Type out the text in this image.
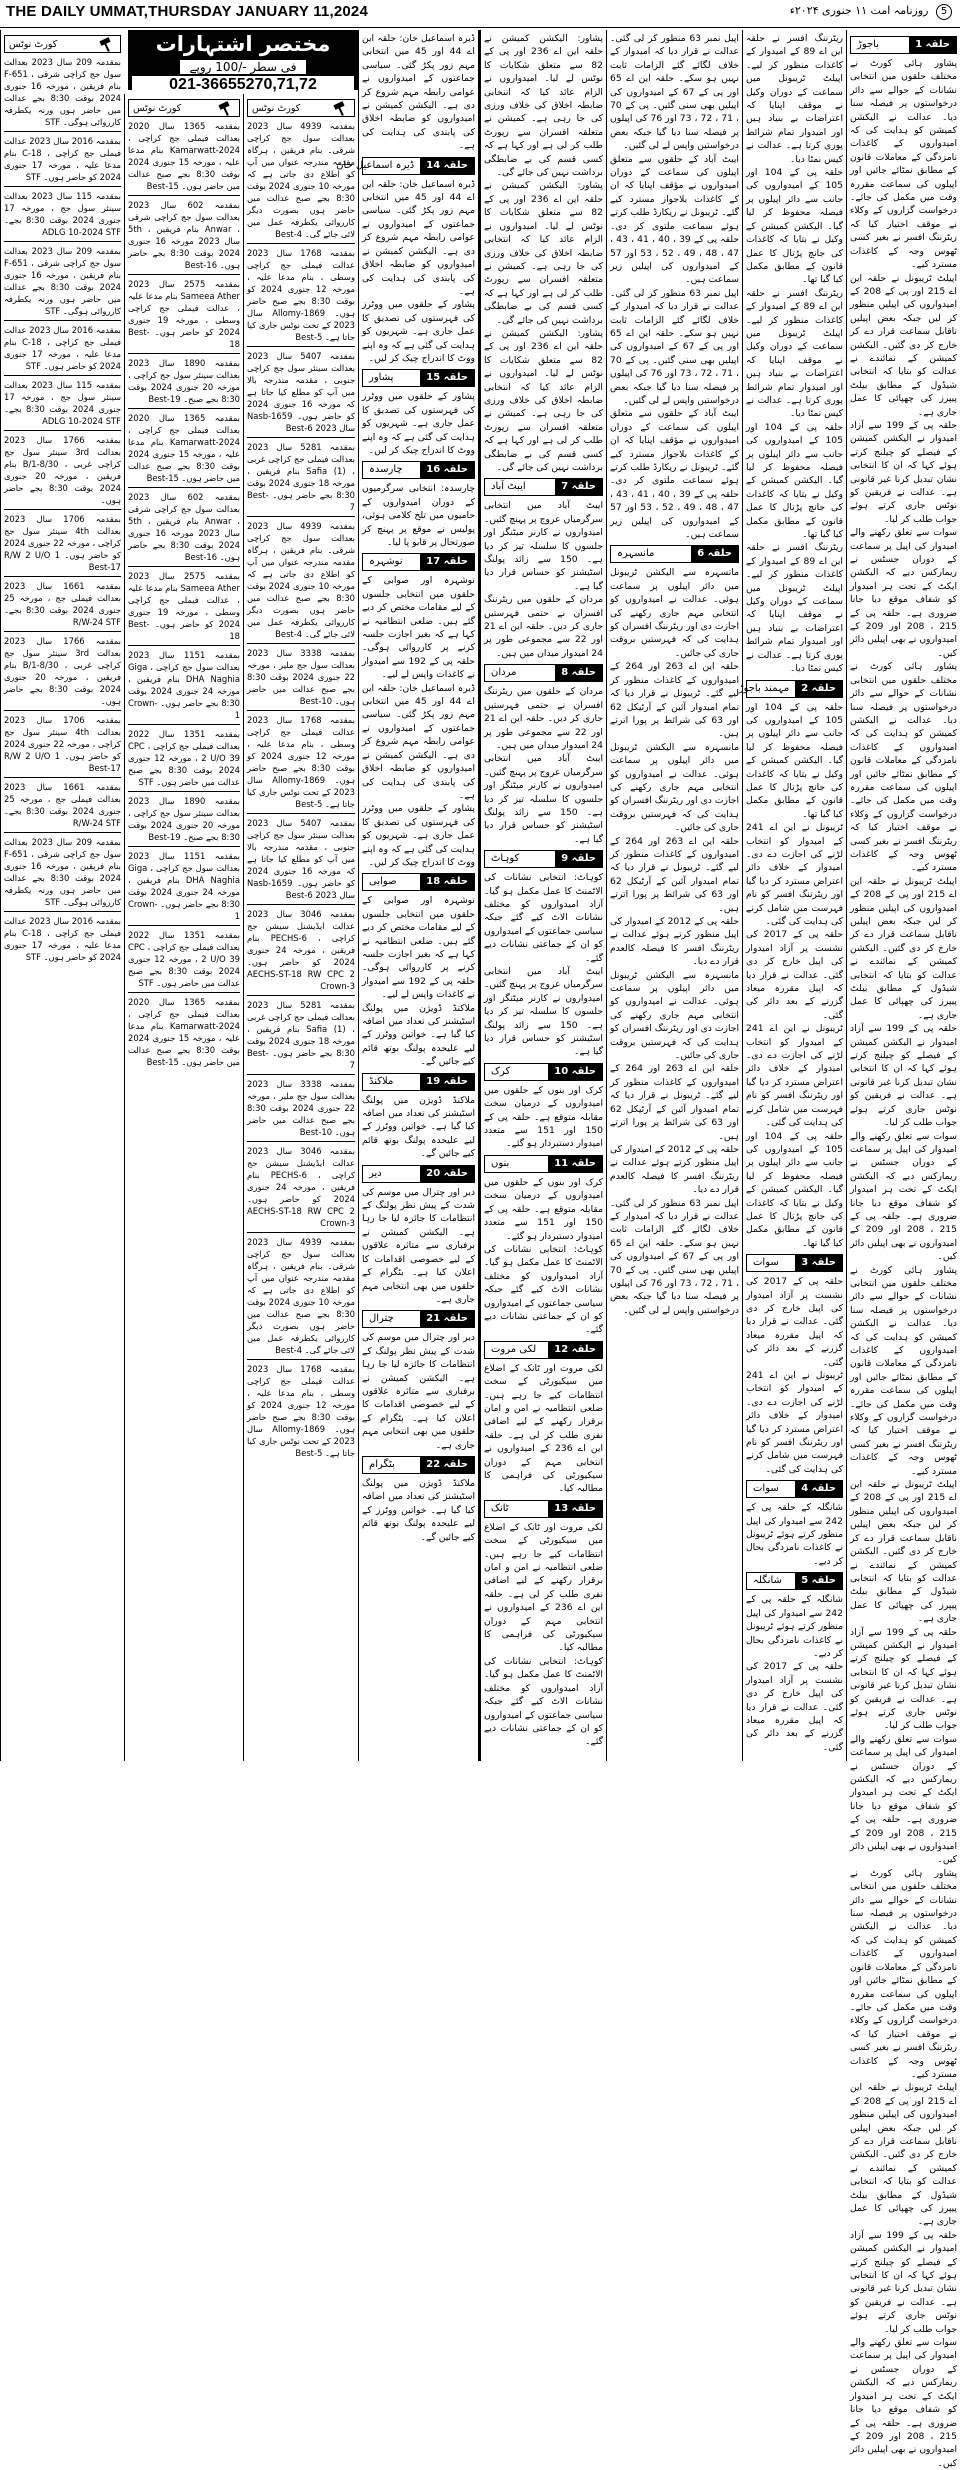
THE DAILY UMMAT,THURSDAY JANUARY 11,2024	5 روزنامہ امت ۱۱ جنوری ۲۰۲۴ء
حلقہ 1
باجوڑ
پشاور ہائی کورٹ نے مختلف حلقوں میں انتخابی نشانات کے حوالے سے دائر درخواستوں پر فیصلہ سنا دیا۔ عدالت نے الیکشن کمیشن کو ہدایت کی کہ امیدواروں کے کاغذات نامزدگی کے معاملات قانون کے مطابق نمٹائے جائیں اور اپیلوں کی سماعت مقررہ وقت میں مکمل کی جائے۔ درخواست گزاروں کے وکلاء نے موقف اختیار کیا کہ ریٹرننگ افسر نے بغیر کسی ٹھوس وجہ کے کاغذات مسترد کیے۔
اپیلٹ ٹریبونل نے حلقہ این اے 215 اور پی کے 208 کے امیدواروں کی اپیلیں منظور کر لیں جبکہ بعض اپیلیں ناقابل سماعت قرار دے کر خارج کر دی گئیں۔ الیکشن کمیشن کے نمائندے نے عدالت کو بتایا کہ انتخابی شیڈول کے مطابق بیلٹ پیپرز کی چھپائی کا عمل جاری ہے۔
حلقہ پی کے 199 سے آزاد امیدوار نے الیکشن کمیشن کے فیصلے کو چیلنج کرتے ہوئے کہا کہ ان کا انتخابی نشان تبدیل کرنا غیر قانونی ہے۔ عدالت نے فریقین کو نوٹس جاری کرتے ہوئے جواب طلب کر لیا۔
سوات سے تعلق رکھنے والے امیدوار کی اپیل پر سماعت کے دوران جسٹس نے ریمارکس دیے کہ الیکشن ایکٹ کے تحت ہر امیدوار کو شفاف موقع دیا جانا ضروری ہے۔ حلقہ پی کے 215 ، 208 اور 209 کے امیدواروں نے بھی اپیلیں دائر کیں۔
پشاور ہائی کورٹ نے مختلف حلقوں میں انتخابی نشانات کے حوالے سے دائر درخواستوں پر فیصلہ سنا دیا۔ عدالت نے الیکشن کمیشن کو ہدایت کی کہ امیدواروں کے کاغذات نامزدگی کے معاملات قانون کے مطابق نمٹائے جائیں اور اپیلوں کی سماعت مقررہ وقت میں مکمل کی جائے۔ درخواست گزاروں کے وکلاء نے موقف اختیار کیا کہ ریٹرننگ افسر نے بغیر کسی ٹھوس وجہ کے کاغذات مسترد کیے۔
اپیلٹ ٹریبونل نے حلقہ این اے 215 اور پی کے 208 کے امیدواروں کی اپیلیں منظور کر لیں جبکہ بعض اپیلیں ناقابل سماعت قرار دے کر خارج کر دی گئیں۔ الیکشن کمیشن کے نمائندے نے عدالت کو بتایا کہ انتخابی شیڈول کے مطابق بیلٹ پیپرز کی چھپائی کا عمل جاری ہے۔
حلقہ پی کے 199 سے آزاد امیدوار نے الیکشن کمیشن کے فیصلے کو چیلنج کرتے ہوئے کہا کہ ان کا انتخابی نشان تبدیل کرنا غیر قانونی ہے۔ عدالت نے فریقین کو نوٹس جاری کرتے ہوئے جواب طلب کر لیا۔
سوات سے تعلق رکھنے والے امیدوار کی اپیل پر سماعت کے دوران جسٹس نے ریمارکس دیے کہ الیکشن ایکٹ کے تحت ہر امیدوار کو شفاف موقع دیا جانا ضروری ہے۔ حلقہ پی کے 215 ، 208 اور 209 کے امیدواروں نے بھی اپیلیں دائر کیں۔
پشاور ہائی کورٹ نے مختلف حلقوں میں انتخابی نشانات کے حوالے سے دائر درخواستوں پر فیصلہ سنا دیا۔ عدالت نے الیکشن کمیشن کو ہدایت کی کہ امیدواروں کے کاغذات نامزدگی کے معاملات قانون کے مطابق نمٹائے جائیں اور اپیلوں کی سماعت مقررہ وقت میں مکمل کی جائے۔ درخواست گزاروں کے وکلاء نے موقف اختیار کیا کہ ریٹرننگ افسر نے بغیر کسی ٹھوس وجہ کے کاغذات مسترد کیے۔
اپیلٹ ٹریبونل نے حلقہ این اے 215 اور پی کے 208 کے امیدواروں کی اپیلیں منظور کر لیں جبکہ بعض اپیلیں ناقابل سماعت قرار دے کر خارج کر دی گئیں۔ الیکشن کمیشن کے نمائندے نے عدالت کو بتایا کہ انتخابی شیڈول کے مطابق بیلٹ پیپرز کی چھپائی کا عمل جاری ہے۔
حلقہ پی کے 199 سے آزاد امیدوار نے الیکشن کمیشن کے فیصلے کو چیلنج کرتے ہوئے کہا کہ ان کا انتخابی نشان تبدیل کرنا غیر قانونی ہے۔ عدالت نے فریقین کو نوٹس جاری کرتے ہوئے جواب طلب کر لیا۔
سوات سے تعلق رکھنے والے امیدوار کی اپیل پر سماعت کے دوران جسٹس نے ریمارکس دیے کہ الیکشن ایکٹ کے تحت ہر امیدوار کو شفاف موقع دیا جانا ضروری ہے۔ حلقہ پی کے 215 ، 208 اور 209 کے امیدواروں نے بھی اپیلیں دائر کیں۔
پشاور ہائی کورٹ نے مختلف حلقوں میں انتخابی نشانات کے حوالے سے دائر درخواستوں پر فیصلہ سنا دیا۔ عدالت نے الیکشن کمیشن کو ہدایت کی کہ امیدواروں کے کاغذات نامزدگی کے معاملات قانون کے مطابق نمٹائے جائیں اور اپیلوں کی سماعت مقررہ وقت میں مکمل کی جائے۔ درخواست گزاروں کے وکلاء نے موقف اختیار کیا کہ ریٹرننگ افسر نے بغیر کسی ٹھوس وجہ کے کاغذات مسترد کیے۔
اپیلٹ ٹریبونل نے حلقہ این اے 215 اور پی کے 208 کے امیدواروں کی اپیلیں منظور کر لیں جبکہ بعض اپیلیں ناقابل سماعت قرار دے کر خارج کر دی گئیں۔ الیکشن کمیشن کے نمائندے نے عدالت کو بتایا کہ انتخابی شیڈول کے مطابق بیلٹ پیپرز کی چھپائی کا عمل جاری ہے۔
حلقہ پی کے 199 سے آزاد امیدوار نے الیکشن کمیشن کے فیصلے کو چیلنج کرتے ہوئے کہا کہ ان کا انتخابی نشان تبدیل کرنا غیر قانونی ہے۔ عدالت نے فریقین کو نوٹس جاری کرتے ہوئے جواب طلب کر لیا۔
سوات سے تعلق رکھنے والے امیدوار کی اپیل پر سماعت کے دوران جسٹس نے ریمارکس دیے کہ الیکشن ایکٹ کے تحت ہر امیدوار کو شفاف موقع دیا جانا ضروری ہے۔ حلقہ پی کے 215 ، 208 اور 209 کے امیدواروں نے بھی اپیلیں دائر کیں۔
ریٹرننگ افسر نے حلقہ این اے 89 کے امیدوار کے کاغذات منظور کر لیے۔ اپیلٹ ٹریبونل میں سماعت کے دوران وکیل نے موقف اپنایا کہ اعتراضات بے بنیاد ہیں اور امیدوار تمام شرائط پوری کرتا ہے۔ عدالت نے کیس نمٹا دیا۔
حلقہ پی کے 104 اور 105 کے امیدواروں کی جانب سے دائر اپیلوں پر فیصلہ محفوظ کر لیا گیا۔ الیکشن کمیشن کے وکیل نے بتایا کہ کاغذات کی جانچ پڑتال کا عمل قانون کے مطابق مکمل کیا گیا تھا۔
ریٹرننگ افسر نے حلقہ این اے 89 کے امیدوار کے کاغذات منظور کر لیے۔ اپیلٹ ٹریبونل میں سماعت کے دوران وکیل نے موقف اپنایا کہ اعتراضات بے بنیاد ہیں اور امیدوار تمام شرائط پوری کرتا ہے۔ عدالت نے کیس نمٹا دیا۔
حلقہ پی کے 104 اور 105 کے امیدواروں کی جانب سے دائر اپیلوں پر فیصلہ محفوظ کر لیا گیا۔ الیکشن کمیشن کے وکیل نے بتایا کہ کاغذات کی جانچ پڑتال کا عمل قانون کے مطابق مکمل کیا گیا تھا۔
ریٹرننگ افسر نے حلقہ این اے 89 کے امیدوار کے کاغذات منظور کر لیے۔ اپیلٹ ٹریبونل میں سماعت کے دوران وکیل نے موقف اپنایا کہ اعتراضات بے بنیاد ہیں اور امیدوار تمام شرائط پوری کرتا ہے۔ عدالت نے کیس نمٹا دیا۔
حلقہ 2
مہمند باجوڑ
حلقہ پی کے 104 اور 105 کے امیدواروں کی جانب سے دائر اپیلوں پر فیصلہ محفوظ کر لیا گیا۔ الیکشن کمیشن کے وکیل نے بتایا کہ کاغذات کی جانچ پڑتال کا عمل قانون کے مطابق مکمل کیا گیا تھا۔
ٹریبونل نے این اے 241 کے امیدوار کو انتخاب لڑنے کی اجازت دے دی۔ امیدوار کے خلاف دائر اعتراض مسترد کر دیا گیا اور ریٹرننگ افسر کو نام فہرست میں شامل کرنے کی ہدایت کی گئی۔
حلقہ پی کے 2017 کی نشست پر آزاد امیدوار کی اپیل خارج کر دی گئی۔ عدالت نے قرار دیا کہ اپیل مقررہ میعاد گزرنے کے بعد دائر کی گئی۔
ٹریبونل نے این اے 241 کے امیدوار کو انتخاب لڑنے کی اجازت دے دی۔ امیدوار کے خلاف دائر اعتراض مسترد کر دیا گیا اور ریٹرننگ افسر کو نام فہرست میں شامل کرنے کی ہدایت کی گئی۔
حلقہ پی کے 104 اور 105 کے امیدواروں کی جانب سے دائر اپیلوں پر فیصلہ محفوظ کر لیا گیا۔ الیکشن کمیشن کے وکیل نے بتایا کہ کاغذات کی جانچ پڑتال کا عمل قانون کے مطابق مکمل کیا گیا تھا۔
حلقہ 3
سوات
حلقہ پی کے 2017 کی نشست پر آزاد امیدوار کی اپیل خارج کر دی گئی۔ عدالت نے قرار دیا کہ اپیل مقررہ میعاد گزرنے کے بعد دائر کی گئی۔
ٹریبونل نے این اے 241 کے امیدوار کو انتخاب لڑنے کی اجازت دے دی۔ امیدوار کے خلاف دائر اعتراض مسترد کر دیا گیا اور ریٹرننگ افسر کو نام فہرست میں شامل کرنے کی ہدایت کی گئی۔
حلقہ 4
سوات
شانگلہ کے حلقہ پی کے 242 سے امیدوار کی اپیل منظور کرتے ہوئے ٹریبونل نے کاغذات نامزدگی بحال کر دیے۔
حلقہ 5
شانگلہ
شانگلہ کے حلقہ پی کے 242 سے امیدوار کی اپیل منظور کرتے ہوئے ٹریبونل نے کاغذات نامزدگی بحال کر دیے۔
حلقہ پی کے 2017 کی نشست پر آزاد امیدوار کی اپیل خارج کر دی گئی۔ عدالت نے قرار دیا کہ اپیل مقررہ میعاد گزرنے کے بعد دائر کی گئی۔
اپیل نمبر 63 منظور کر لی گئی۔ عدالت نے قرار دیا کہ امیدوار کے خلاف لگائے گئے الزامات ثابت نہیں ہو سکے۔ حلقہ این اے 65 اور پی کے 67 کے امیدواروں کی اپیلیں بھی سنی گئیں۔ پی کے 70 ، 71 ، 72 ، 73 اور 76 کی اپیلوں پر فیصلہ سنا دیا گیا جبکہ بعض درخواستیں واپس لے لی گئیں۔
ایبٹ آباد کے حلقوں سے متعلق اپیلوں کی سماعت کے دوران امیدواروں نے مؤقف اپنایا کہ ان کے کاغذات بلاجواز مسترد کیے گئے۔ ٹریبونل نے ریکارڈ طلب کرتے ہوئے سماعت ملتوی کر دی۔ حلقہ پی کے 39 ، 40 ، 41 ، 43 ، 47 ، 48 ، 49 ، 52 ، 53 اور 57 کے امیدواروں کی اپیلیں زیر سماعت ہیں۔
اپیل نمبر 63 منظور کر لی گئی۔ عدالت نے قرار دیا کہ امیدوار کے خلاف لگائے گئے الزامات ثابت نہیں ہو سکے۔ حلقہ این اے 65 اور پی کے 67 کے امیدواروں کی اپیلیں بھی سنی گئیں۔ پی کے 70 ، 71 ، 72 ، 73 اور 76 کی اپیلوں پر فیصلہ سنا دیا گیا جبکہ بعض درخواستیں واپس لے لی گئیں۔
ایبٹ آباد کے حلقوں سے متعلق اپیلوں کی سماعت کے دوران امیدواروں نے مؤقف اپنایا کہ ان کے کاغذات بلاجواز مسترد کیے گئے۔ ٹریبونل نے ریکارڈ طلب کرتے ہوئے سماعت ملتوی کر دی۔ حلقہ پی کے 39 ، 40 ، 41 ، 43 ، 47 ، 48 ، 49 ، 52 ، 53 اور 57 کے امیدواروں کی اپیلیں زیر سماعت ہیں۔
حلقہ 6
مانسہرہ
مانسہرہ سے الیکشن ٹریبونل میں دائر اپیلوں پر سماعت ہوئی۔ عدالت نے امیدواروں کو انتخابی مہم جاری رکھنے کی اجازت دی اور ریٹرننگ افسران کو ہدایت کی کہ فہرستیں بروقت جاری کی جائیں۔
حلقہ این اے 263 اور 264 کے امیدواروں کے کاغذات منظور کر لیے گئے۔ ٹریبونل نے قرار دیا کہ تمام امیدوار آئین کے آرٹیکل 62 اور 63 کی شرائط پر پورا اترتے ہیں۔
مانسہرہ سے الیکشن ٹریبونل میں دائر اپیلوں پر سماعت ہوئی۔ عدالت نے امیدواروں کو انتخابی مہم جاری رکھنے کی اجازت دی اور ریٹرننگ افسران کو ہدایت کی کہ فہرستیں بروقت جاری کی جائیں۔
حلقہ این اے 263 اور 264 کے امیدواروں کے کاغذات منظور کر لیے گئے۔ ٹریبونل نے قرار دیا کہ تمام امیدوار آئین کے آرٹیکل 62 اور 63 کی شرائط پر پورا اترتے ہیں۔
حلقہ پی کے 2012 کے امیدوار کی اپیل منظور کرتے ہوئے عدالت نے ریٹرننگ افسر کا فیصلہ کالعدم قرار دے دیا۔
مانسہرہ سے الیکشن ٹریبونل میں دائر اپیلوں پر سماعت ہوئی۔ عدالت نے امیدواروں کو انتخابی مہم جاری رکھنے کی اجازت دی اور ریٹرننگ افسران کو ہدایت کی کہ فہرستیں بروقت جاری کی جائیں۔
حلقہ این اے 263 اور 264 کے امیدواروں کے کاغذات منظور کر لیے گئے۔ ٹریبونل نے قرار دیا کہ تمام امیدوار آئین کے آرٹیکل 62 اور 63 کی شرائط پر پورا اترتے ہیں۔
حلقہ پی کے 2012 کے امیدوار کی اپیل منظور کرتے ہوئے عدالت نے ریٹرننگ افسر کا فیصلہ کالعدم قرار دے دیا۔
اپیل نمبر 63 منظور کر لی گئی۔ عدالت نے قرار دیا کہ امیدوار کے خلاف لگائے گئے الزامات ثابت نہیں ہو سکے۔ حلقہ این اے 65 اور پی کے 67 کے امیدواروں کی اپیلیں بھی سنی گئیں۔ پی کے 70 ، 71 ، 72 ، 73 اور 76 کی اپیلوں پر فیصلہ سنا دیا گیا جبکہ بعض درخواستیں واپس لے لی گئیں۔
پشاور: الیکشن کمیشن نے حلقہ این اے 236 اور پی کے 82 سے متعلق شکایات کا نوٹس لے لیا۔ امیدواروں نے الزام عائد کیا کہ انتخابی ضابطہ اخلاق کی خلاف ورزی کی جا رہی ہے۔ کمیشن نے متعلقہ افسران سے رپورٹ طلب کر لی ہے اور کہا ہے کہ کسی قسم کی بے ضابطگی برداشت نہیں کی جائے گی۔
پشاور: الیکشن کمیشن نے حلقہ این اے 236 اور پی کے 82 سے متعلق شکایات کا نوٹس لے لیا۔ امیدواروں نے الزام عائد کیا کہ انتخابی ضابطہ اخلاق کی خلاف ورزی کی جا رہی ہے۔ کمیشن نے متعلقہ افسران سے رپورٹ طلب کر لی ہے اور کہا ہے کہ کسی قسم کی بے ضابطگی برداشت نہیں کی جائے گی۔
پشاور: الیکشن کمیشن نے حلقہ این اے 236 اور پی کے 82 سے متعلق شکایات کا نوٹس لے لیا۔ امیدواروں نے الزام عائد کیا کہ انتخابی ضابطہ اخلاق کی خلاف ورزی کی جا رہی ہے۔ کمیشن نے متعلقہ افسران سے رپورٹ طلب کر لی ہے اور کہا ہے کہ کسی قسم کی بے ضابطگی برداشت نہیں کی جائے گی۔
حلقہ 7
ایبٹ آباد
ایبٹ آباد میں انتخابی سرگرمیاں عروج پر پہنچ گئیں۔ امیدواروں نے کارنر میٹنگز اور جلسوں کا سلسلہ تیز کر دیا ہے۔ 150 سے زائد پولنگ اسٹیشنز کو حساس قرار دیا گیا ہے۔
مردان کے حلقوں میں ریٹرننگ افسران نے حتمی فہرستیں جاری کر دیں۔ حلقہ این اے 21 اور 22 سے مجموعی طور پر 24 امیدوار میدان میں ہیں۔
حلقہ 8
مردان
مردان کے حلقوں میں ریٹرننگ افسران نے حتمی فہرستیں جاری کر دیں۔ حلقہ این اے 21 اور 22 سے مجموعی طور پر 24 امیدوار میدان میں ہیں۔
ایبٹ آباد میں انتخابی سرگرمیاں عروج پر پہنچ گئیں۔ امیدواروں نے کارنر میٹنگز اور جلسوں کا سلسلہ تیز کر دیا ہے۔ 150 سے زائد پولنگ اسٹیشنز کو حساس قرار دیا گیا ہے۔
حلقہ 9
کوہاٹ
کوہاٹ: انتخابی نشانات کی الاٹمنٹ کا عمل مکمل ہو گیا۔ آزاد امیدواروں کو مختلف نشانات الاٹ کیے گئے جبکہ سیاسی جماعتوں کے امیدواروں کو ان کے جماعتی نشانات دیے گئے۔
ایبٹ آباد میں انتخابی سرگرمیاں عروج پر پہنچ گئیں۔ امیدواروں نے کارنر میٹنگز اور جلسوں کا سلسلہ تیز کر دیا ہے۔ 150 سے زائد پولنگ اسٹیشنز کو حساس قرار دیا گیا ہے۔
حلقہ 10
کرک
کرک اور بنوں کے حلقوں میں امیدواروں کے درمیان سخت مقابلہ متوقع ہے۔ حلقہ پی کے 150 اور 151 سے متعدد امیدوار دستبردار ہو گئے۔
حلقہ 11
بنوں
کرک اور بنوں کے حلقوں میں امیدواروں کے درمیان سخت مقابلہ متوقع ہے۔ حلقہ پی کے 150 اور 151 سے متعدد امیدوار دستبردار ہو گئے۔
کوہاٹ: انتخابی نشانات کی الاٹمنٹ کا عمل مکمل ہو گیا۔ آزاد امیدواروں کو مختلف نشانات الاٹ کیے گئے جبکہ سیاسی جماعتوں کے امیدواروں کو ان کے جماعتی نشانات دیے گئے۔
حلقہ 12
لکی مروت
لکی مروت اور ٹانک کے اضلاع میں سیکیورٹی کے سخت انتظامات کیے جا رہے ہیں۔ ضلعی انتظامیہ نے امن و امان برقرار رکھنے کے لیے اضافی نفری طلب کر لی ہے۔ حلقہ این اے 236 کے امیدواروں نے انتخابی مہم کے دوران سیکیورٹی کی فراہمی کا مطالبہ کیا۔
حلقہ 13
ٹانک
لکی مروت اور ٹانک کے اضلاع میں سیکیورٹی کے سخت انتظامات کیے جا رہے ہیں۔ ضلعی انتظامیہ نے امن و امان برقرار رکھنے کے لیے اضافی نفری طلب کر لی ہے۔ حلقہ این اے 236 کے امیدواروں نے انتخابی مہم کے دوران سیکیورٹی کی فراہمی کا مطالبہ کیا۔
کوہاٹ: انتخابی نشانات کی الاٹمنٹ کا عمل مکمل ہو گیا۔ آزاد امیدواروں کو مختلف نشانات الاٹ کیے گئے جبکہ سیاسی جماعتوں کے امیدواروں کو ان کے جماعتی نشانات دیے گئے۔
ڈیرہ اسماعیل خان: حلقہ این اے 44 اور 45 میں انتخابی مہم زور پکڑ گئی۔ سیاسی جماعتوں کے امیدواروں نے عوامی رابطہ مہم شروع کر دی ہے۔ الیکشن کمیشن نے امیدواروں کو ضابطہ اخلاق کی پابندی کی ہدایت کی ہے۔
حلقہ 14
ڈیرہ اسماعیل خان
ڈیرہ اسماعیل خان: حلقہ این اے 44 اور 45 میں انتخابی مہم زور پکڑ گئی۔ سیاسی جماعتوں کے امیدواروں نے عوامی رابطہ مہم شروع کر دی ہے۔ الیکشن کمیشن نے امیدواروں کو ضابطہ اخلاق کی پابندی کی ہدایت کی ہے۔
پشاور کے حلقوں میں ووٹرز کی فہرستوں کی تصدیق کا عمل جاری ہے۔ شہریوں کو ہدایت کی گئی ہے کہ وہ اپنے ووٹ کا اندراج چیک کر لیں۔
حلقہ 15
پشاور
پشاور کے حلقوں میں ووٹرز کی فہرستوں کی تصدیق کا عمل جاری ہے۔ شہریوں کو ہدایت کی گئی ہے کہ وہ اپنے ووٹ کا اندراج چیک کر لیں۔
حلقہ 16
چارسدہ
چارسدہ: انتخابی سرگرمیوں کے دوران امیدواروں کے حامیوں میں تلخ کلامی ہوئی، پولیس نے موقع پر پہنچ کر صورتحال پر قابو پا لیا۔
حلقہ 17
نوشہرہ
نوشہرہ اور صوابی کے حلقوں میں انتخابی جلسوں کے لیے مقامات مختص کر دیے گئے ہیں۔ ضلعی انتظامیہ نے کہا ہے کہ بغیر اجازت جلسہ کرنے پر کارروائی ہوگی۔ حلقہ پی کے 192 سے امیدوار نے کاغذات واپس لے لیے۔
ڈیرہ اسماعیل خان: حلقہ این اے 44 اور 45 میں انتخابی مہم زور پکڑ گئی۔ سیاسی جماعتوں کے امیدواروں نے عوامی رابطہ مہم شروع کر دی ہے۔ الیکشن کمیشن نے امیدواروں کو ضابطہ اخلاق کی پابندی کی ہدایت کی ہے۔
پشاور کے حلقوں میں ووٹرز کی فہرستوں کی تصدیق کا عمل جاری ہے۔ شہریوں کو ہدایت کی گئی ہے کہ وہ اپنے ووٹ کا اندراج چیک کر لیں۔
حلقہ 18
صوابی
نوشہرہ اور صوابی کے حلقوں میں انتخابی جلسوں کے لیے مقامات مختص کر دیے گئے ہیں۔ ضلعی انتظامیہ نے کہا ہے کہ بغیر اجازت جلسہ کرنے پر کارروائی ہوگی۔ حلقہ پی کے 192 سے امیدوار نے کاغذات واپس لے لیے۔
ملاکنڈ ڈویژن میں پولنگ اسٹیشنز کی تعداد میں اضافہ کیا گیا ہے۔ خواتین ووٹرز کے لیے علیحدہ پولنگ بوتھ قائم کیے جائیں گے۔
حلقہ 19
ملاکنڈ
ملاکنڈ ڈویژن میں پولنگ اسٹیشنز کی تعداد میں اضافہ کیا گیا ہے۔ خواتین ووٹرز کے لیے علیحدہ پولنگ بوتھ قائم کیے جائیں گے۔
حلقہ 20
دیر
دیر اور چترال میں موسم کی شدت کے پیش نظر پولنگ کے انتظامات کا جائزہ لیا جا رہا ہے۔ الیکشن کمیشن نے برفباری سے متاثرہ علاقوں کے لیے خصوصی اقدامات کا اعلان کیا ہے۔ بٹگرام کے حلقوں میں بھی انتخابی مہم جاری ہے۔
حلقہ 21
چترال
دیر اور چترال میں موسم کی شدت کے پیش نظر پولنگ کے انتظامات کا جائزہ لیا جا رہا ہے۔ الیکشن کمیشن نے برفباری سے متاثرہ علاقوں کے لیے خصوصی اقدامات کا اعلان کیا ہے۔ بٹگرام کے حلقوں میں بھی انتخابی مہم جاری ہے۔
حلقہ 22
بٹگرام
ملاکنڈ ڈویژن میں پولنگ اسٹیشنز کی تعداد میں اضافہ کیا گیا ہے۔ خواتین ووٹرز کے لیے علیحدہ پولنگ بوتھ قائم کیے جائیں گے۔
مختصر اشتہارات
فی سطر -/100 روپے
021-36655270,71,72
کورٹ نوٹس
بمقدمہ 4939 سال 2023 بعدالت سول جج کراچی شرقی۔ بنام فریقین ، ہرگاہ مقدمہ مندرجہ عنوان میں آپ کو اطلاع دی جاتی ہے کہ مورخہ 10 جنوری 2024 بوقت 8:30 بجے صبح عدالت میں حاضر ہوں بصورت دیگر کارروائی یکطرفہ عمل میں لائی جائے گی۔ Best-4
بمقدمہ 1768 سال 2023 عدالت فیملی جج کراچی وسطی ، بنام مدعا علیہ ، مورخہ 12 جنوری 2024 کو بوقت 8:30 بجے صبح حاضر ہوں۔ Allomy-1869 سال 2023 کے تحت نوٹس جاری کیا جاتا ہے۔ Best-5
بمقدمہ 5407 سال 2023 بعدالت سینئر سول جج کراچی جنوبی ، مقدمہ مندرجہ بالا میں آپ کو مطلع کیا جاتا ہے کہ مورخہ 16 جنوری 2024 کو حاضر ہوں۔ Nasb-1659 سال 2023 Best-6
بمقدمہ 5281 سال 2023 بعدالت فیملی جج کراچی غربی ، Safia (1) بنام فریقین ، مورخہ 18 جنوری 2024 بوقت 8:30 بجے حاضر ہوں۔ Best-7
بمقدمہ 4939 سال 2023 بعدالت سول جج کراچی شرقی۔ بنام فریقین ، ہرگاہ مقدمہ مندرجہ عنوان میں آپ کو اطلاع دی جاتی ہے کہ مورخہ 10 جنوری 2024 بوقت 8:30 بجے صبح عدالت میں حاضر ہوں بصورت دیگر کارروائی یکطرفہ عمل میں لائی جائے گی۔ Best-4
بمقدمہ 3338 سال 2023 بعدالت سول جج ملیر ، مورخہ 22 جنوری 2024 بوقت 8:30 بجے صبح عدالت میں حاضر ہوں۔ Best-10
بمقدمہ 1768 سال 2023 عدالت فیملی جج کراچی وسطی ، بنام مدعا علیہ ، مورخہ 12 جنوری 2024 کو بوقت 8:30 بجے صبح حاضر ہوں۔ Allomy-1869 سال 2023 کے تحت نوٹس جاری کیا جاتا ہے۔ Best-5
بمقدمہ 5407 سال 2023 بعدالت سینئر سول جج کراچی جنوبی ، مقدمہ مندرجہ بالا میں آپ کو مطلع کیا جاتا ہے کہ مورخہ 16 جنوری 2024 کو حاضر ہوں۔ Nasb-1659 سال 2023 Best-6
بمقدمہ 3046 سال 2023 عدالت ایڈیشنل سیشن جج کراچی ، PECHS-6 بنام فریقین ، مورخہ 24 جنوری 2024 کو حاضر ہوں۔ AECHS-ST-18 RW CPC 2 Crown-3
بمقدمہ 5281 سال 2023 بعدالت فیملی جج کراچی غربی ، Safia (1) بنام فریقین ، مورخہ 18 جنوری 2024 بوقت 8:30 بجے حاضر ہوں۔ Best-7
بمقدمہ 3338 سال 2023 بعدالت سول جج ملیر ، مورخہ 22 جنوری 2024 بوقت 8:30 بجے صبح عدالت میں حاضر ہوں۔ Best-10
بمقدمہ 3046 سال 2023 عدالت ایڈیشنل سیشن جج کراچی ، PECHS-6 بنام فریقین ، مورخہ 24 جنوری 2024 کو حاضر ہوں۔ AECHS-ST-18 RW CPC 2 Crown-3
بمقدمہ 4939 سال 2023 بعدالت سول جج کراچی شرقی۔ بنام فریقین ، ہرگاہ مقدمہ مندرجہ عنوان میں آپ کو اطلاع دی جاتی ہے کہ مورخہ 10 جنوری 2024 بوقت 8:30 بجے صبح عدالت میں حاضر ہوں بصورت دیگر کارروائی یکطرفہ عمل میں لائی جائے گی۔ Best-4
بمقدمہ 1768 سال 2023 عدالت فیملی جج کراچی وسطی ، بنام مدعا علیہ ، مورخہ 12 جنوری 2024 کو بوقت 8:30 بجے صبح حاضر ہوں۔ Allomy-1869 سال 2023 کے تحت نوٹس جاری کیا جاتا ہے۔ Best-5
کورٹ نوٹس
بمقدمہ 1365 سال 2020 بعدالت فیملی جج کراچی ، Kamarwatt-2024 بنام مدعا علیہ ، مورخہ 15 جنوری 2024 بوقت 8:30 بجے صبح عدالت میں حاضر ہوں۔ Best-15
بمقدمہ 602 سال 2023 بعدالت سول جج کراچی شرقی ، Anwar بنام فریقین ، 5th سال 2023 مورخہ 16 جنوری 2024 بوقت 8:30 بجے حاضر ہوں۔ Best-16
بمقدمہ 2575 سال 2023 Sameea Ather بنام مدعا علیہ ، عدالت فیملی جج کراچی وسطی ، مورخہ 19 جنوری 2024 کو حاضر ہوں۔ Best-18
بمقدمہ 1890 سال 2023 بعدالت سینئر سول جج کراچی ، مورخہ 20 جنوری 2024 بوقت 8:30 بجے صبح۔ Best-19
بمقدمہ 1365 سال 2020 بعدالت فیملی جج کراچی ، Kamarwatt-2024 بنام مدعا علیہ ، مورخہ 15 جنوری 2024 بوقت 8:30 بجے صبح عدالت میں حاضر ہوں۔ Best-15
بمقدمہ 602 سال 2023 بعدالت سول جج کراچی شرقی ، Anwar بنام فریقین ، 5th سال 2023 مورخہ 16 جنوری 2024 بوقت 8:30 بجے حاضر ہوں۔ Best-16
بمقدمہ 2575 سال 2023 Sameea Ather بنام مدعا علیہ ، عدالت فیملی جج کراچی وسطی ، مورخہ 19 جنوری 2024 کو حاضر ہوں۔ Best-18
بمقدمہ 1151 سال 2023 بعدالت سول جج کراچی ، Giga DHA Naghia بنام فریقین ، مورخہ 24 جنوری 2024 بوقت 8:30 بجے حاضر ہوں۔ Crown-1
بمقدمہ 1351 سال 2022 بعدالت فیملی جج کراچی ، CPC 2 U/O 39 ، مورخہ 12 جنوری 2024 بوقت 8:30 بجے صبح عدالت میں حاضر ہوں۔ STF
بمقدمہ 1890 سال 2023 بعدالت سینئر سول جج کراچی ، مورخہ 20 جنوری 2024 بوقت 8:30 بجے صبح۔ Best-19
بمقدمہ 1151 سال 2023 بعدالت سول جج کراچی ، Giga DHA Naghia بنام فریقین ، مورخہ 24 جنوری 2024 بوقت 8:30 بجے حاضر ہوں۔ Crown-1
بمقدمہ 1351 سال 2022 بعدالت فیملی جج کراچی ، CPC 2 U/O 39 ، مورخہ 12 جنوری 2024 بوقت 8:30 بجے صبح عدالت میں حاضر ہوں۔ STF
بمقدمہ 1365 سال 2020 بعدالت فیملی جج کراچی ، Kamarwatt-2024 بنام مدعا علیہ ، مورخہ 15 جنوری 2024 بوقت 8:30 بجے صبح عدالت میں حاضر ہوں۔ Best-15
کورٹ نوٹس
بمقدمہ 209 سال 2023 بعدالت سول جج کراچی شرقی ، F-651 بنام فریقین ، مورخہ 16 جنوری 2024 بوقت 8:30 بجے عدالت میں حاضر ہوں ورنہ یکطرفہ کارروائی ہوگی۔ STF
بمقدمہ 2016 سال 2023 عدالت فیملی جج کراچی ، C-18 بنام مدعا علیہ ، مورخہ 17 جنوری 2024 کو حاضر ہوں۔ STF
بمقدمہ 115 سال 2023 بعدالت سینئر سول جج ، مورخہ 17 جنوری 2024 بوقت 8:30 بجے۔ ADLG 10-2024 STF
بمقدمہ 209 سال 2023 بعدالت سول جج کراچی شرقی ، F-651 بنام فریقین ، مورخہ 16 جنوری 2024 بوقت 8:30 بجے عدالت میں حاضر ہوں ورنہ یکطرفہ کارروائی ہوگی۔ STF
بمقدمہ 2016 سال 2023 عدالت فیملی جج کراچی ، C-18 بنام مدعا علیہ ، مورخہ 17 جنوری 2024 کو حاضر ہوں۔ STF
بمقدمہ 115 سال 2023 بعدالت سینئر سول جج ، مورخہ 17 جنوری 2024 بوقت 8:30 بجے۔ ADLG 10-2024 STF
بمقدمہ 1766 سال 2023 بعدالت 3rd سینئر سول جج کراچی غربی ، B/1-8/30 بنام فریقین ، مورخہ 20 جنوری 2024 بوقت 8:30 بجے حاضر ہوں۔
بمقدمہ 1706 سال 2023 بعدالت 4th سینئر سول جج کراچی ، مورخہ 22 جنوری 2024 کو حاضر ہوں۔ R/W 2 U/O 1 Best-17
بمقدمہ 1661 سال 2023 بعدالت فیملی جج ، مورخہ 25 جنوری 2024 بوقت 8:30 بجے۔ R/W-24 STF
بمقدمہ 1766 سال 2023 بعدالت 3rd سینئر سول جج کراچی غربی ، B/1-8/30 بنام فریقین ، مورخہ 20 جنوری 2024 بوقت 8:30 بجے حاضر ہوں۔
بمقدمہ 1706 سال 2023 بعدالت 4th سینئر سول جج کراچی ، مورخہ 22 جنوری 2024 کو حاضر ہوں۔ R/W 2 U/O 1 Best-17
بمقدمہ 1661 سال 2023 بعدالت فیملی جج ، مورخہ 25 جنوری 2024 بوقت 8:30 بجے۔ R/W-24 STF
بمقدمہ 209 سال 2023 بعدالت سول جج کراچی شرقی ، F-651 بنام فریقین ، مورخہ 16 جنوری 2024 بوقت 8:30 بجے عدالت میں حاضر ہوں ورنہ یکطرفہ کارروائی ہوگی۔ STF
بمقدمہ 2016 سال 2023 عدالت فیملی جج کراچی ، C-18 بنام مدعا علیہ ، مورخہ 17 جنوری 2024 کو حاضر ہوں۔ STF
